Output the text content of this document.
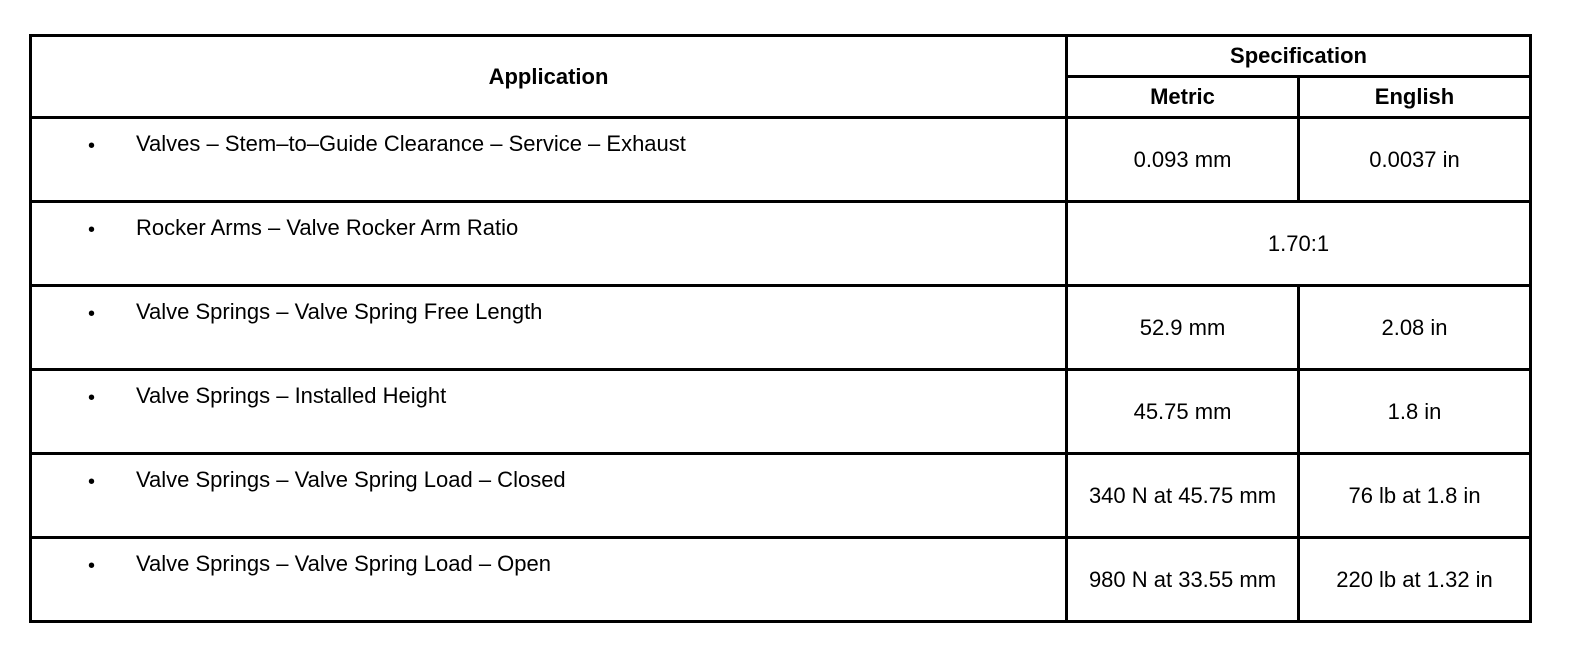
Application	Specification	
	Metric	English

• Valves – Stem–to–Guide Clearance – Service – Exhaust	0.093 mm	0.0037 in

• Rocker Arms – Valve Rocker Arm Ratio	1.70:1	

• Valve Springs – Valve Spring Free Length	52.9 mm	2.08 in

• Valve Springs – Installed Height	45.75 mm	1.8 in

• Valve Springs – Valve Spring Load – Closed	340 N at 45.75 mm	76 lb at 1.8 in

• Valve Springs – Valve Spring Load – Open	980 N at 33.55 mm	220 lb at 1.32 in
